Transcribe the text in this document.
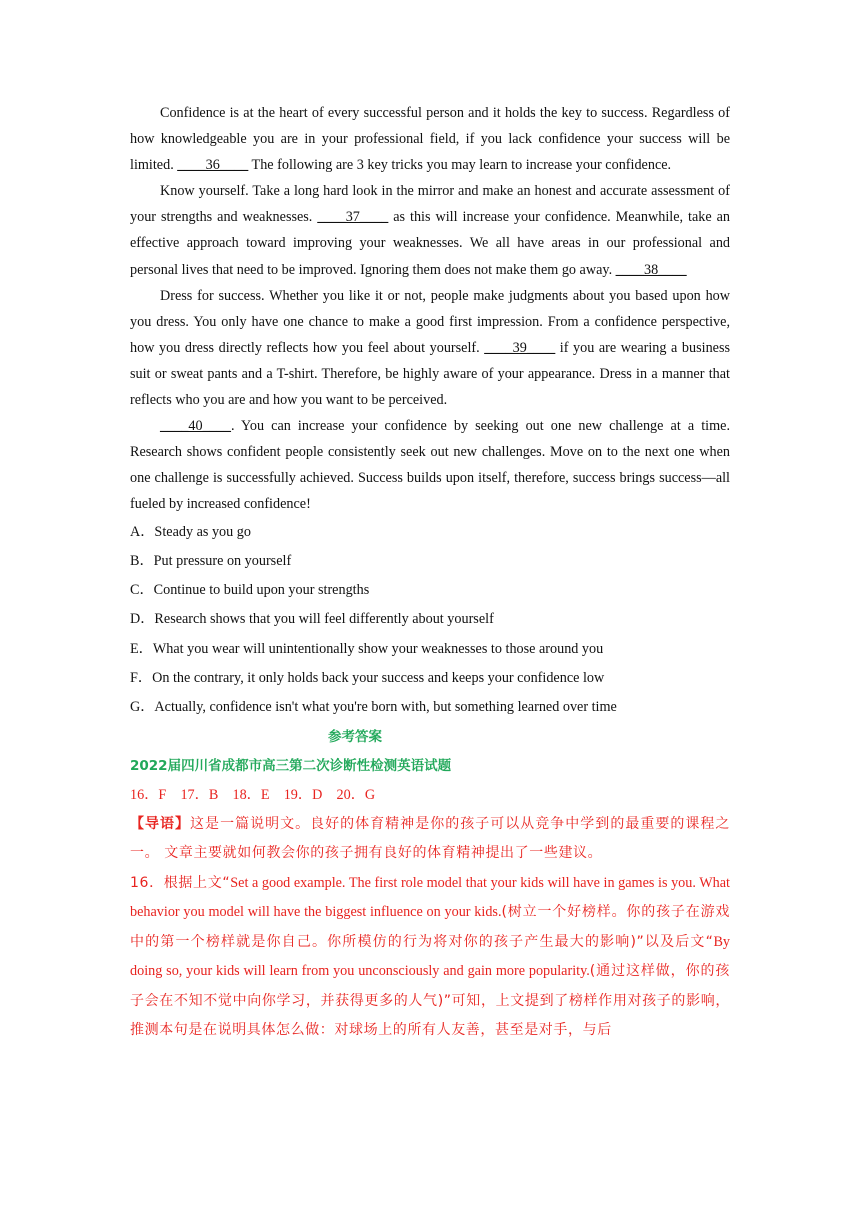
Confidence is at the heart of every successful person and it holds the key to success. Regardless of how knowledgeable you are in your professional field, if you lack confidence your success will be limited. ____36____ The following are 3 key tricks you may learn to increase your confidence.

Know yourself. Take a long hard look in the mirror and make an honest and accurate assessment of your strengths and weaknesses. ____37____ as this will increase your confidence. Meanwhile, take an effective approach toward improving your weaknesses. We all have areas in our professional and personal lives that need to be improved. Ignoring them does not make them go away. ____38____

Dress for success. Whether you like it or not, people make judgments about you based upon how you dress. You only have one chance to make a good first impression. From a confidence perspective, how you dress directly reflects how you feel about yourself. ____39____ if you are wearing a business suit or sweat pants and a T-shirt. Therefore, be highly aware of your appearance. Dress in a manner that reflects who you are and how you want to be perceived.

____40____. You can increase your confidence by seeking out one new challenge at a time. Research shows confident people consistently seek out new challenges. Move on to the next one when one challenge is successfully achieved. Success builds upon itself, therefore, success brings success—all fueled by increased confidence!

A．Steady as you go

B．Put pressure on yourself

C．Continue to build upon your strengths

D．Research shows that you will feel differently about yourself

E．What you wear will unintentionally show your weaknesses to those around you

F．On the contrary, it only holds back your success and keeps your confidence low

G．Actually, confidence isn't what you're born with, but something learned over time

参考答案

2022届四川省成都市高三第二次诊断性检测英语试题

16．F    17．B    18．E    19．D    20．G

【导语】这是一篇说明文。良好的体育精神是你的孩子可以从竞争中学到的最重要的课程之一。 文章主要就如何教会你的孩子拥有良好的体育精神提出了一些建议。

16．根据上文“Set a good example. The first role model that your kids will have in games is you. What behavior you model will have the biggest influence on your kids.(树立一个好榜样。你的孩子在游戏中的第一个榜样就是你自己。你所模仿的行为将对你的孩子产生最大的影响)”以及后文“By doing so, your kids will learn from you unconsciously and gain more popularity.(通过这样做，你的孩子会在不知不觉中向你学习，并获得更多的人气)”可知，上文提到了榜样作用对孩子的影响，推测本句是在说明具体怎么做：对球场上的所有人友善，甚至是对手，与后
